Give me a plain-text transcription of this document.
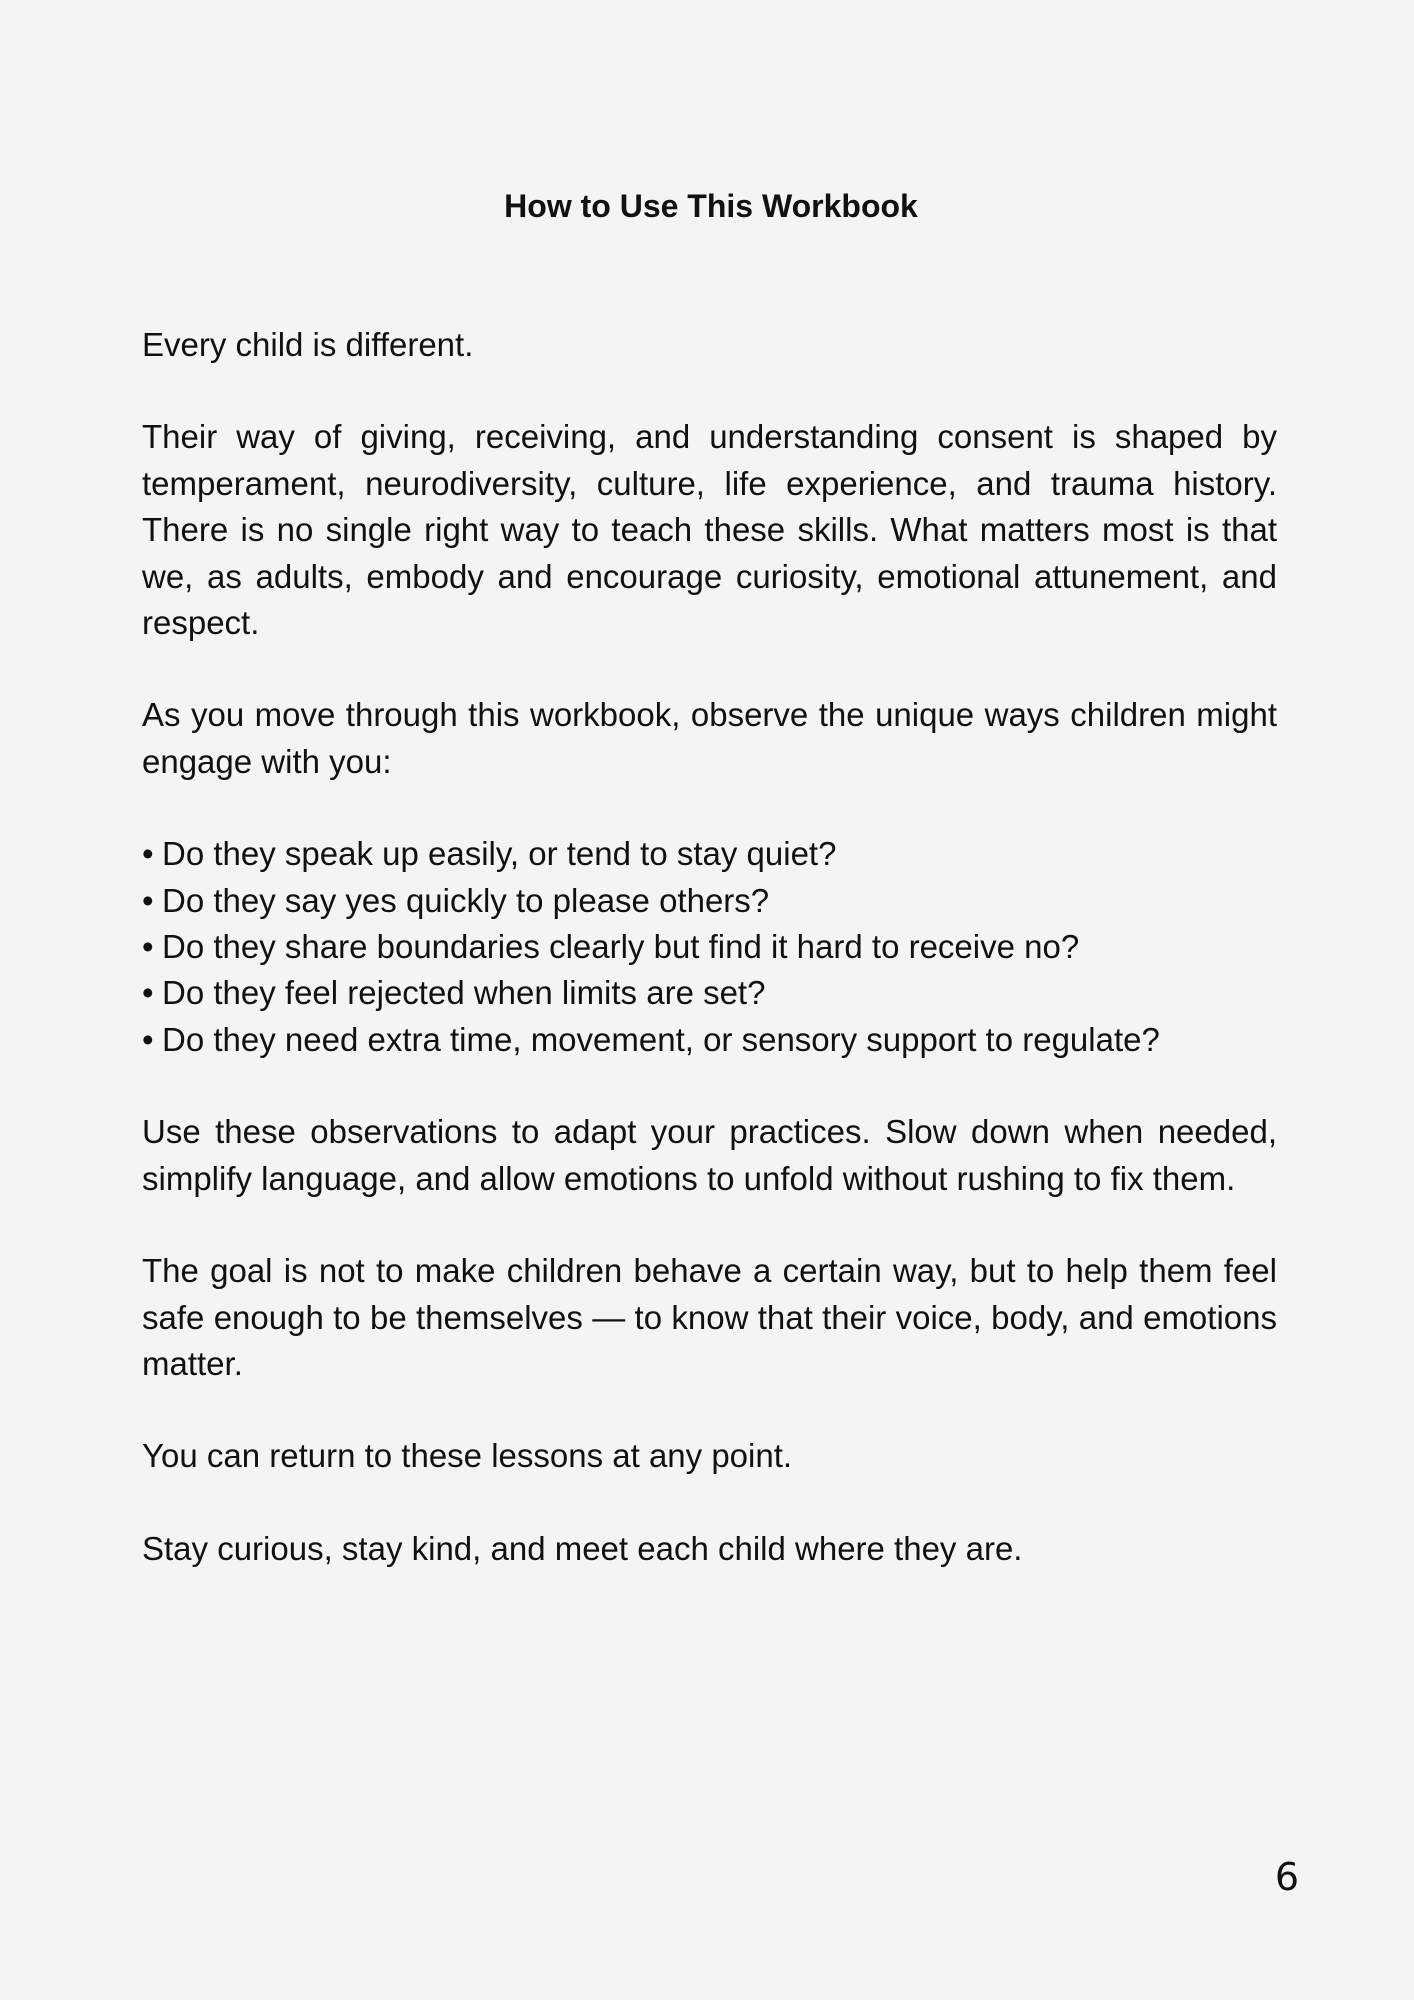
How to Use This Workbook

Every child is different.

Their way of giving, receiving, and understanding consent is shaped by temperament, neurodiversity, culture, life experience, and trauma history. There is no single right way to teach these skills. What matters most is that we, as adults, embody and encourage curiosity, emotional attunement, and respect.

As you move through this workbook, observe the unique ways children might engage with you:

• Do they speak up easily, or tend to stay quiet?
• Do they say yes quickly to please others?
• Do they share boundaries clearly but find it hard to receive no?
• Do they feel rejected when limits are set?
• Do they need extra time, movement, or sensory support to regulate?

Use these observations to adapt your practices. Slow down when needed, simplify language, and allow emotions to unfold without rushing to fix them.

The goal is not to make children behave a certain way, but to help them feel safe enough to be themselves — to know that their voice, body, and emotions matter.

You can return to these lessons at any point.

Stay curious, stay kind, and meet each child where they are.

6
